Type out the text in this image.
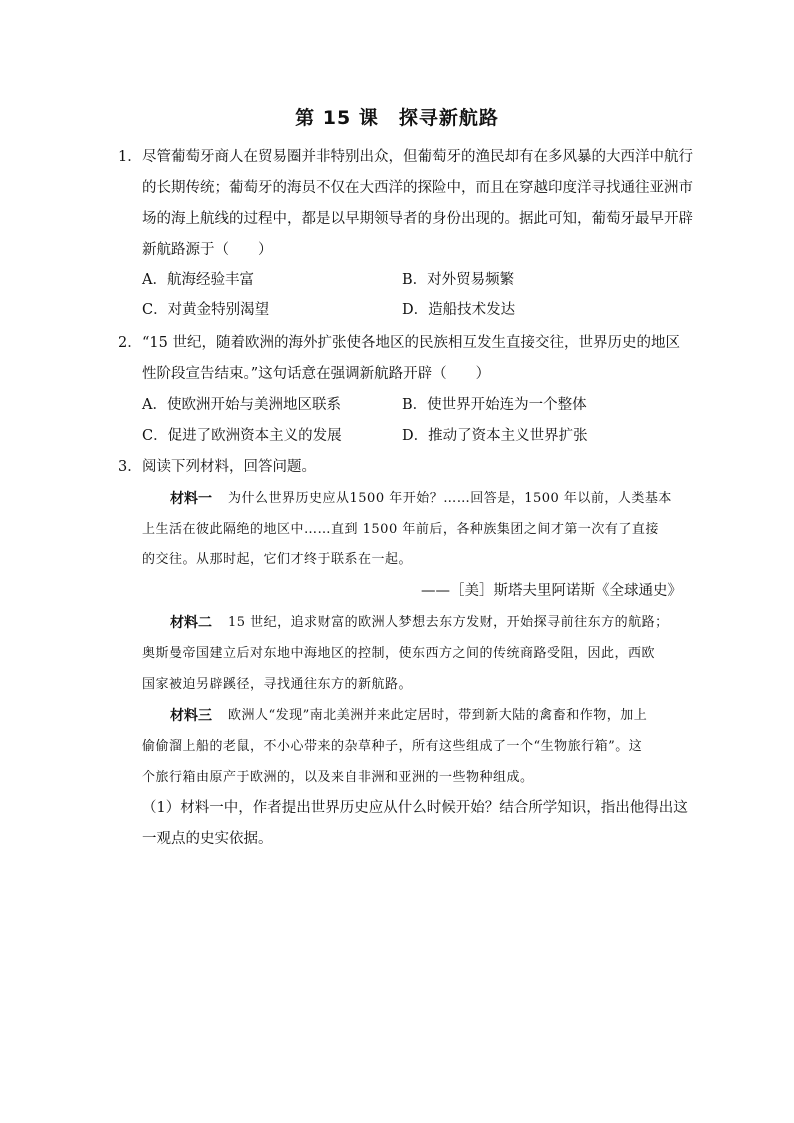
第 15 课　探寻新航路
1． 尽管葡萄牙商人在贸易圈并非特别出众，但葡萄牙的渔民却有在多风暴的大西洋中航行
的长期传统；葡萄牙的海员不仅在大西洋的探险中，而且在穿越印度洋寻找通往亚洲市
场的海上航线的过程中，都是以早期领导者的身份出现的。据此可知，葡萄牙最早开辟
新航路源于（　　）
A．航海经验丰富	B．对外贸易频繁
C．对黄金特别渴望	D．造船技术发达
2． “15 世纪，随着欧洲的海外扩张使各地区的民族相互发生直接交往，世界历史的地区
性阶段宣告结束。”这句话意在强调新航路开辟（　　）
A．使欧洲开始与美洲地区联系	B．使世界开始连为一个整体
C．促进了欧洲资本主义的发展	D．推动了资本主义世界扩张
3． 阅读下列材料，回答问题。
材料一 为什么世界历史应从1500 年开始？……回答是，1500 年以前，人类基本
上生活在彼此隔绝的地区中……直到 1500 年前后，各种族集团之间才第一次有了直接
的交往。从那时起，它们才终于联系在一起。
——［美］斯塔夫里阿诺斯《全球通史》
材料二 15 世纪，追求财富的欧洲人梦想去东方发财，开始探寻前往东方的航路；
奥斯曼帝国建立后对东地中海地区的控制，使东西方之间的传统商路受阻，因此，西欧
国家被迫另辟蹊径，寻找通往东方的新航路。
材料三 欧洲人“发现”南北美洲并来此定居时，带到新大陆的禽畜和作物，加上
偷偷溜上船的老鼠，不小心带来的杂草种子，所有这些组成了一个“生物旅行箱”。这
个旅行箱由原产于欧洲的，以及来自非洲和亚洲的一些物种组成。
（1）材料一中，作者提出世界历史应从什么时候开始？结合所学知识，指出他得出这
一观点的史实依据。
